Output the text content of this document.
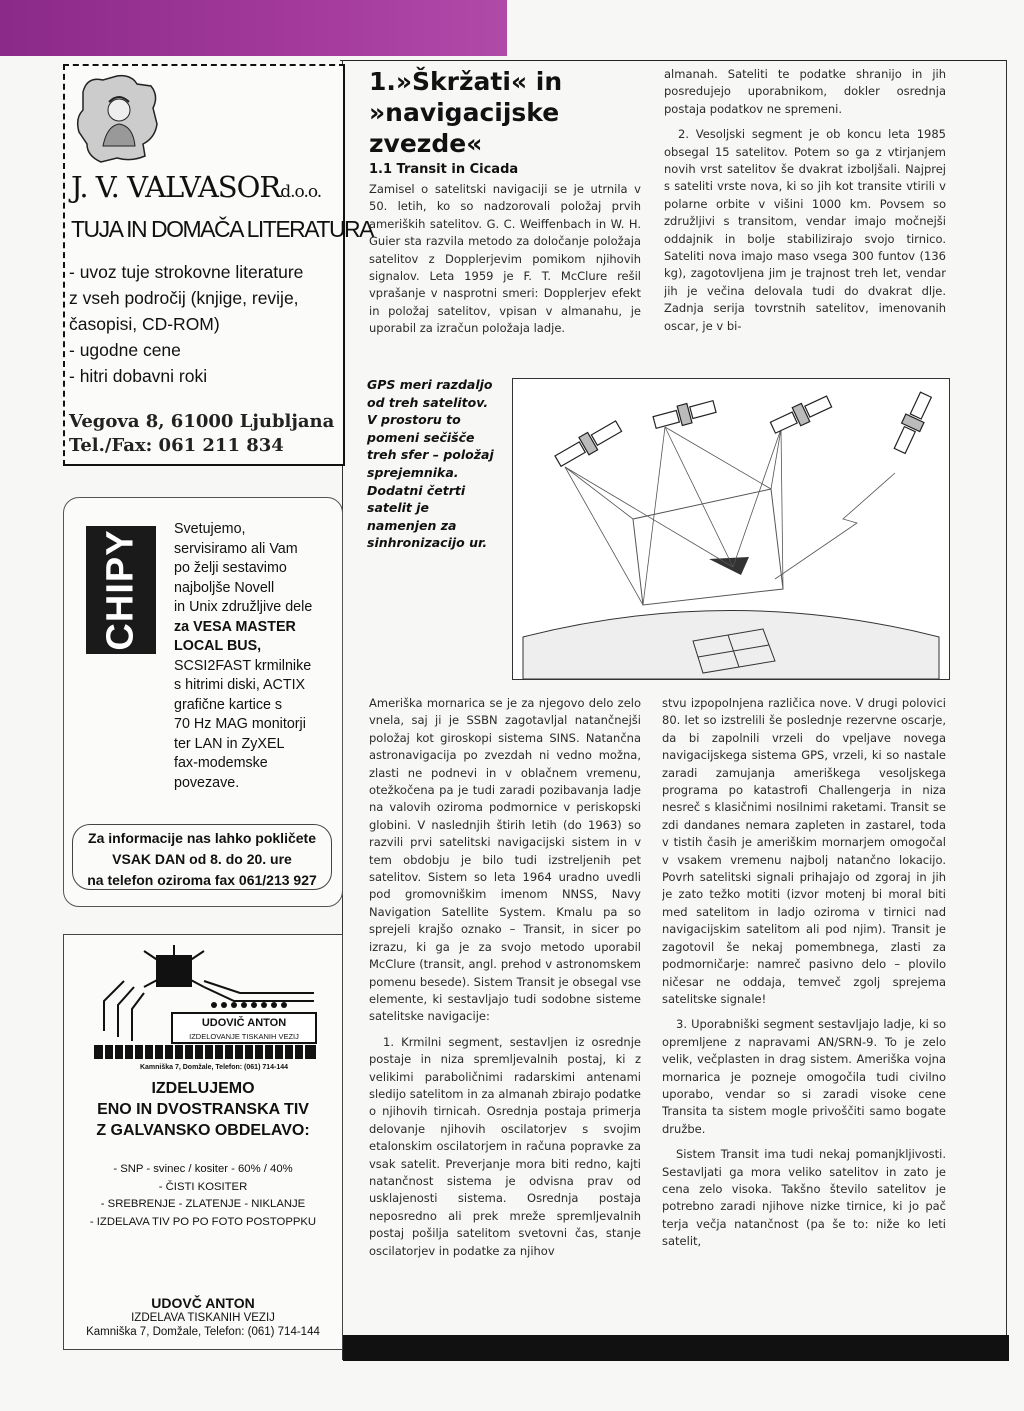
J. V. VALVASORd.o.o.
TUJA IN DOMAČA LITERATURA
- uvoz tuje strokovne literature
z vseh področij (knjige, revije,
časopisi, CD-ROM)
- ugodne cene
- hitri dobavni roki
Vegova 8, 61000 Ljubljana
Tel./Fax: 061 211 834
CHIPY
Svetujemo,
servisiramo ali Vam
po želji sestavimo
najboljše Novell
in Unix združljive dele
za VESA MASTER
LOCAL BUS,
SCSI2FAST krmilnike
s hitrimi diski, ACTIX
grafične kartice s
70 Hz MAG monitorji
ter LAN in ZyXEL
fax-modemske
povezave.
Za informacije nas lahko pokličete
VSAK DAN od 8. do 20. ure
na telefon oziroma fax 061/213 927
UDOVIČ ANTON
IZDELOVANJE TISKANIH VEZIJ
Kamniška 7, Domžale, Telefon: (061) 714-144
IZDELUJEMO
ENO IN DVOSTRANSKA TIV
Z GALVANSKO OBDELAVO:
- SNP - svinec / kositer - 60% / 40%
- ČISTI KOSITER
- SREBRENJE - ZLATENJE - NIKLANJE
- IZDELAVA TIV PO PO FOTO POSTOPPKU
UDOVČ ANTON
IZDELAVA TISKANIH VEZIJ
Kamniška 7, Domžale, Telefon: (061) 714-144
1.»Škržati« in »navigacijske zvezde«
1.1 Transit in Cicada

Zamisel o satelitski navigaciji se je utrnila v 50. letih, ko so nadzorovali položaj prvih ameriških satelitov. G. C. Weiffenbach in W. H. Guier sta razvila metodo za določanje položaja satelitov z Dopplerjevim pomikom njihovih signalov. Leta 1959 je F. T. McClure rešil vprašanje v nasprotni smeri: Dopplerjev efekt in položaj satelitov, vpisan v almanahu, je uporabil za izračun položaja ladje.

almanah. Sateliti te podatke shranijo in jih posredujejo uporabnikom, dokler osrednja postaja podatkov ne spremeni.

2. Vesoljski segment je ob koncu leta 1985 obsegal 15 satelitov. Potem so ga z vtirjanjem novih vrst satelitov še dvakrat izboljšali. Najprej s sateliti vrste nova, ki so jih kot transite vtirili v polarne orbite v višini 1000 km. Povsem so združljivi s transitom, vendar imajo močnejši oddajnik in bolje stabilizirajo svojo tirnico. Sateliti nova imajo maso vsega 300 funtov (136 kg), zagotovljena jim je trajnost treh let, vendar jih je večina delovala tudi do dvakrat dlje. Zadnja serija tovrstnih satelitov, imenovanih oscar, je v bi-

GPS meri razdaljo od treh satelitov. V prostoru to pomeni sečišče treh sfer – položaj sprejemnika. Dodatni četrti satelit je namenjen za sinhronizacijo ur.

Ameriška mornarica se je za njegovo delo zelo vnela, saj ji je SSBN zagotavljal natančnejši položaj kot giroskopi sistema SINS. Natančna astronavigacija po zvezdah ni vedno možna, zlasti ne podnevi in v oblačnem vremenu, otežkočena pa je tudi zaradi pozibavanja ladje na valovih oziroma podmornice v periskopski globini. V naslednjih štirih letih (do 1963) so razvili prvi satelitski navigacijski sistem in v tem obdobju je bilo tudi izstreljenih pet satelitov. Sistem so leta 1964 uradno uvedli pod gromovniškim imenom NNSS, Navy Navigation Satellite System. Kmalu pa so sprejeli krajšo oznako – Transit, in sicer po izrazu, ki ga je za svojo metodo uporabil McClure (transit, angl. prehod v astronomskem pomenu besede). Sistem Transit je obsegal vse elemente, ki sestavljajo tudi sodobne sisteme satelitske navigacije:

1. Krmilni segment, sestavljen iz osrednje postaje in niza spremljevalnih postaj, ki z velikimi paraboličnimi radarskimi antenami sledijo satelitom in za almanah zbirajo podatke o njihovih tirnicah. Osrednja postaja primerja delovanje njihovih oscilatorjev s svojim etalonskim oscilatorjem in računa popravke za vsak satelit. Preverjanje mora biti redno, kajti natančnost sistema je odvisna prav od usklajenosti sistema. Osrednja postaja neposredno ali prek mreže spremljevalnih postaj pošilja satelitom svetovni čas, stanje oscilatorjev in podatke za njihov

stvu izpopolnjena različica nove. V drugi polovici 80. let so izstrelili še poslednje rezervne oscarje, da bi zapolnili vrzeli do vpeljave novega navigacijskega sistema GPS, vrzeli, ki so nastale zaradi zamujanja ameriškega vesoljskega programa po katastrofi Challengerja in niza nesreč s klasičnimi nosilnimi raketami. Transit se zdi dandanes nemara zapleten in zastarel, toda v tistih časih je ameriškim mornarjem omogočal v vsakem vremenu najbolj natančno lokacijo. Povrh satelitski signali prihajajo od zgoraj in jih je zato težko motiti (izvor motenj bi moral biti med satelitom in ladjo oziroma v tirnici nad navigacijskim satelitom ali pod njim). Transit je zagotovil še nekaj pomembnega, zlasti za podmorničarje: namreč pasivno delo – plovilo ničesar ne oddaja, temveč zgolj sprejema satelitske signale!

3. Uporabniški segment sestavljajo ladje, ki so opremljene z napravami AN/SRN-9. To je zelo velik, večplasten in drag sistem. Ameriška vojna mornarica je pozneje omogočila tudi civilno uporabo, vendar so si zaradi visoke cene Transita ta sistem mogle privoščiti samo bogate družbe.

Sistem Transit ima tudi nekaj pomanjkljivosti. Sestavljati ga mora veliko satelitov in zato je cena zelo visoka. Takšno število satelitov je potrebno zaradi njihove nizke tirnice, ki jo pač terja večja natančnost (pa še to: niže ko leti satelit,
